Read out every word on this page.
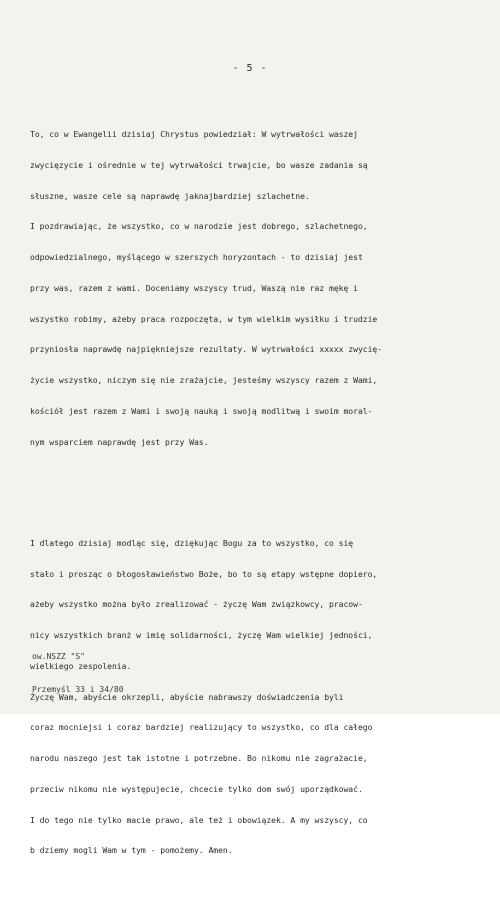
- 5 -

To, co w Ewangelii dzisiaj Chrystus powiedział: W wytrwałości waszej

zwycięzycie i ośrednie w tej wytrwałości trwajcie, bo wasze zadania są

słuszne, wasze cele są naprawdę jaknajbardziej szlachetne.

I pozdrawiając, że wszystko, co w narodzie jest dobrego, szlachetnego,

odpowiedzialnego, myślącego w szerszych horyzontach - to dzisiaj jest

przy was, razem z wami. Doceniamy wszyscy trud, Waszą nie raz mękę i

wszystko robimy, ażeby praca rozpoczęta, w tym wielkim wysiłku i trudzie

przyniosła naprawdę najpiękniejsze rezultaty. W wytrwałości xxxxx zwycię-

życie wszystko, niczym się nie zrażajcie, jesteśmy wszyscy razem z Wami,

kościół jest razem z Wami i swoją nauką i swoją modlitwą i swoim moral-

nym wsparciem naprawdę jest przy Was.

I dlatego dzisiaj modląc się, dziękując Bogu za to wszystko, co się

stało i prosząc o błogosławieństwo Boże, bo to są etapy wstępne dopiero,

ażeby wszystko można było zrealizować - życzę Wam związkowcy, pracow-

nicy wszystkich branż w imię solidarności, życzę Wam wielkiej jedności,

wielkiego zespolenia.

Życzę Wam, abyście okrzepli, abyście nabrawszy doświadczenia byli

coraz mocniejsi i coraz bardziej realizujący to wszystko, co dla całego

narodu naszego jest tak istotne i potrzebne. Bo nikomu nie zagrażacie,

przeciw nikomu nie występujecie, chcecie tylko dom swój uporządkować.

I do tego nie tylko macie prawo, ale też i obowiązek. A my wszyscy, co

b dziemy mogli Wam w tym - pomożemy. Amen.

ow.NSZZ "S"

Przemyśl 33 i 34/80
